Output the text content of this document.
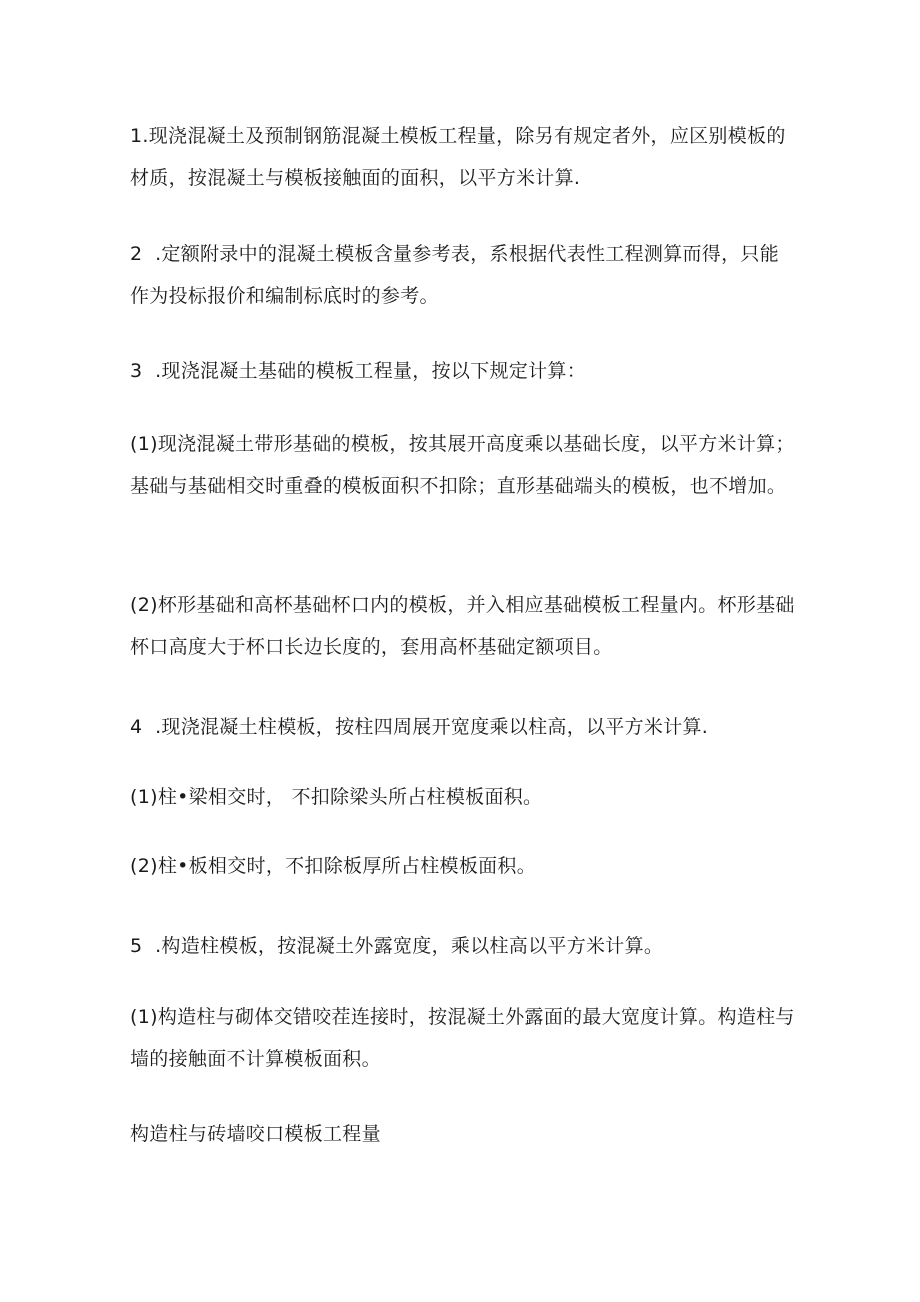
1.现浇混凝土及预制钢筋混凝土模板工程量，除另有规定者外，应区别模板的材质，按混凝土与模板接触面的面积，以平方米计算.

2  .定额附录中的混凝土模板含量参考表，系根据代表性工程测算而得，只能作为投标报价和编制标底时的参考。

3  .现浇混凝土基础的模板工程量，按以下规定计算：

(1)现浇混凝土带形基础的模板，按其展开高度乘以基础长度，以平方米计算；基础与基础相交时重叠的模板面积不扣除；直形基础端头的模板，也不增加。

(2)杯形基础和高杯基础杯口内的模板，并入相应基础模板工程量内。杯形基础杯口高度大于杯口长边长度的，套用高杯基础定额项目。

4  .现浇混凝土柱模板，按柱四周展开宽度乘以柱高，以平方米计算.

(1)柱•梁相交时， 不扣除梁头所占柱模板面积。

(2)柱•板相交时，不扣除板厚所占柱模板面积。

5  .构造柱模板，按混凝土外露宽度，乘以柱高以平方米计算。

(1)构造柱与砌体交错咬茬连接时，按混凝土外露面的最大宽度计算。构造柱与墙的接触面不计算模板面积。

构造柱与砖墙咬口模板工程量
